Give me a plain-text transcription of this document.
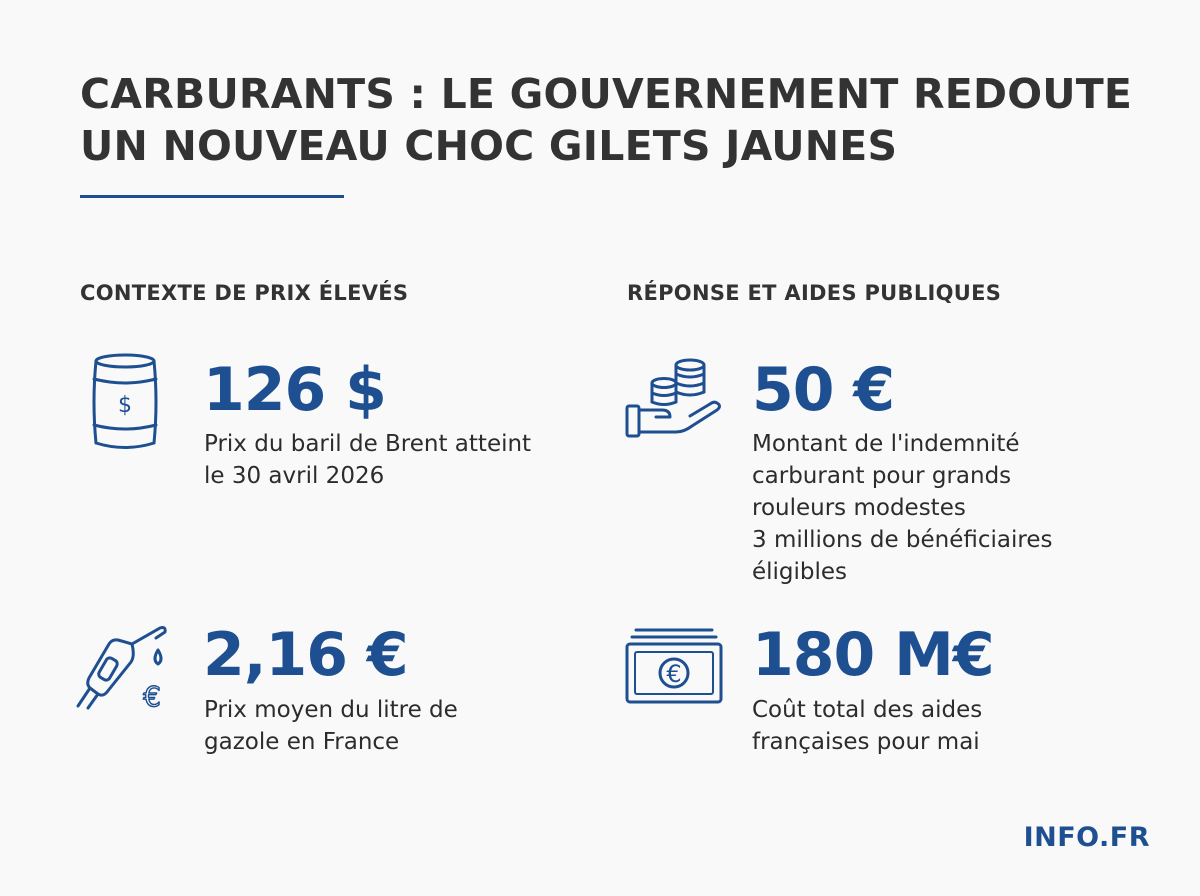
CARBURANTS : LE GOUVERNEMENT REDOUTE
UN NOUVEAU CHOC GILETS JAUNES
CONTEXTE DE PRIX ÉLEVÉS
$ 126 $
Prix du baril de Brent atteint
le 30 avril 2026
€
2,16 €
Prix moyen du litre de
gazole en France
RÉPONSE ET AIDES PUBLIQUES
50 €
Montant de l'indemnité
carburant pour grands
rouleurs modestes
3 millions de bénéficiaires
éligibles
€ 180 M€
Coût total des aides
françaises pour mai
INFO.FR
